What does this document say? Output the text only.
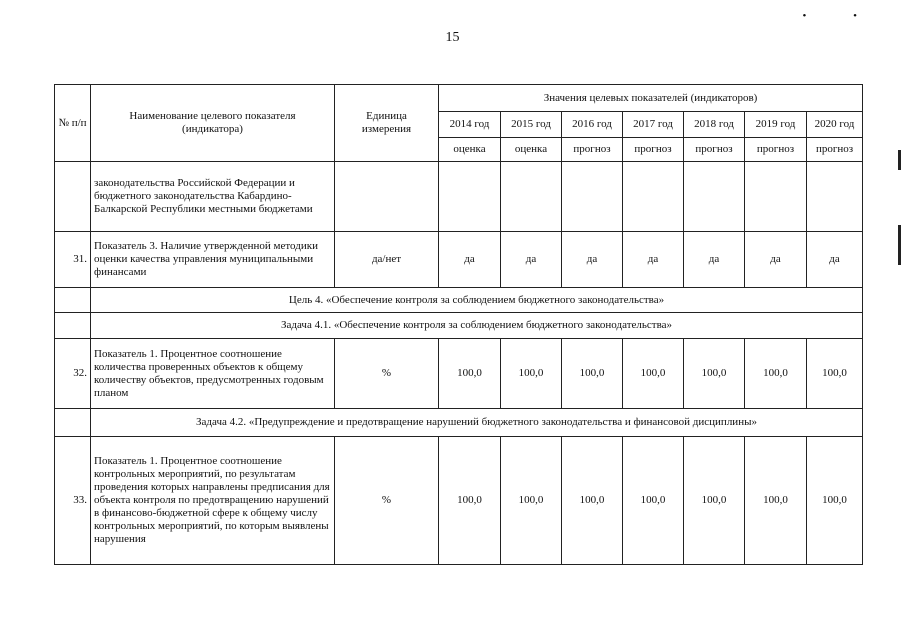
15
• •
№ п/п	Наименование целевого показателя (индикатора)	Единица измерения	Значения целевых показателей (индикаторов)						
			2014 год	2015 год	2016 год	2017 год	2018 год	2019 год	2020 год
			оценка	оценка	прогноз	прогноз	прогноз	прогноз	прогноз
	законодательства Российской Федерации и бюджетного законодательства Кабардино-Балкарской Республики местными бюджетами								
31.	Показатель 3. Наличие утвержденной методики оценки качества управления муниципальными финансами	да/нет	да	да	да	да	да	да	да
	Цель 4. «Обеспечение контроля за соблюдением бюджетного законодательства»								
	Задача 4.1. «Обеспечение контроля за соблюдением бюджетного законодательства»								
32.	Показатель 1. Процентное соотношение количества проверенных объектов к общему количеству объектов, предусмотренных годовым планом	%	100,0	100,0	100,0	100,0	100,0	100,0	100,0
	Задача 4.2. «Предупреждение и предотвращение нарушений бюджетного законодательства и финансовой дисциплины»								
33.	Показатель 1. Процентное соотношение контрольных мероприятий, по результатам проведения которых направлены предписания для объекта контроля по предотвращению нарушений в финансово-бюджетной сфере к общему числу контрольных мероприятий, по которым выявлены нарушения	%	100,0	100,0	100,0	100,0	100,0	100,0	100,0
